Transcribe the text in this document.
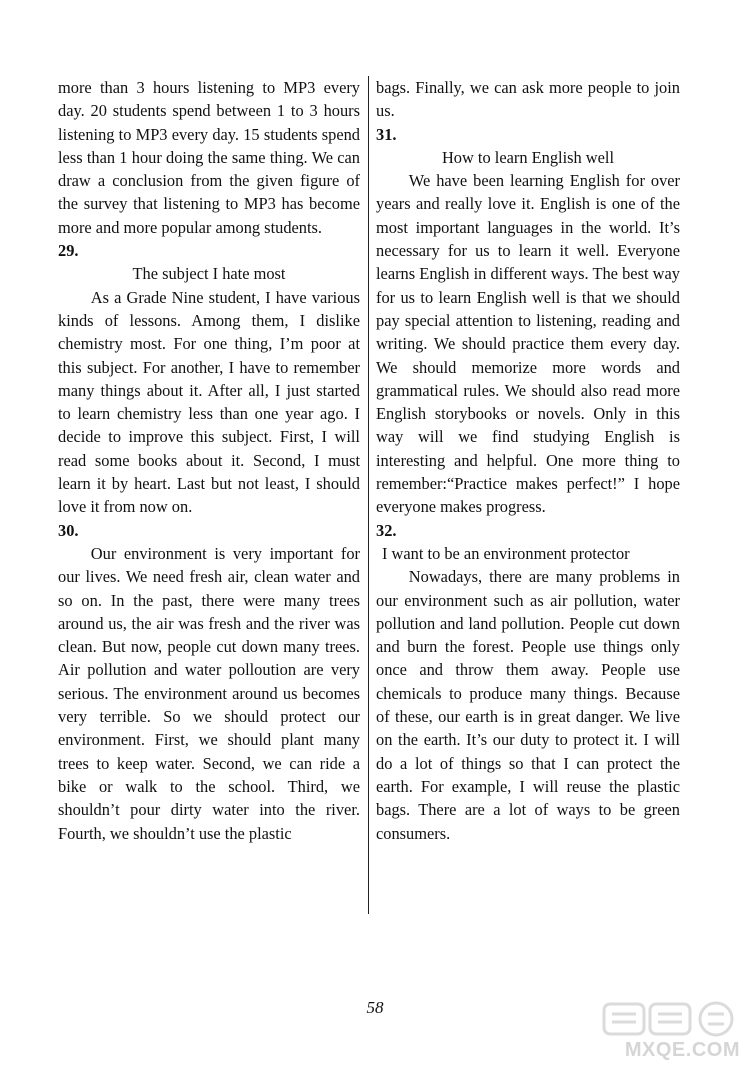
more than 3 hours listening to MP3 every day. 20 students spend between 1 to 3 hours listening to MP3 every day. 15 students spend less than 1 hour doing the same thing. We can draw a conclusion from the given figure of the survey that listening to MP3 has become more and more popular among students.

29.
The subject I hate most

As a Grade Nine student, I have various kinds of lessons. Among them, I dislike chemistry most. For one thing, I’m poor at this subject. For another, I have to remember many things about it. After all, I just started to learn chemistry less than one year ago. I decide to improve this subject. First, I will read some books about it. Second, I must learn it by heart. Last but not least, I should love it from now on.

30.

Our environment is very important for our lives. We need fresh air, clean water and so on. In the past, there were many trees around us, the air was fresh and the river was clean. But now, people cut down many trees. Air pollution and water polloution are very serious. The environment around us becomes very terrible. So we should protect our environment. First, we should plant many trees to keep water. Second, we can ride a bike or walk to the school. Third, we shouldn’t pour dirty water into the river. Fourth, we shouldn’t use the plastic

bags. Finally, we can ask more people to join us.

31.
How to learn English well

We have been learning English for over years and really love it. English is one of the most important languages in the world. It’s necessary for us to learn it well. Everyone learns English in different ways. The best way for us to learn English well is that we should pay special attention to listening, reading and writing. We should practice them every day. We should memorize more words and grammatical rules. We should also read more English storybooks or novels. Only in this way will we find studying English is interesting and helpful. One more thing to remember:“Practice makes perfect!” I hope everyone makes progress.

32.
I want to be an environment protector

Nowadays, there are many problems in our environment such as air pollution, water pollution and land pollution. People cut down and burn the forest. People use things only once and throw them away. People use chemicals to produce many things. Because of these, our earth is in great danger. We live on the earth. It’s our duty to protect it. I will do a lot of things so that I can protect the earth. For example, I will reuse the plastic bags. There are a lot of ways to be green consumers.

58
MXQE.COM
